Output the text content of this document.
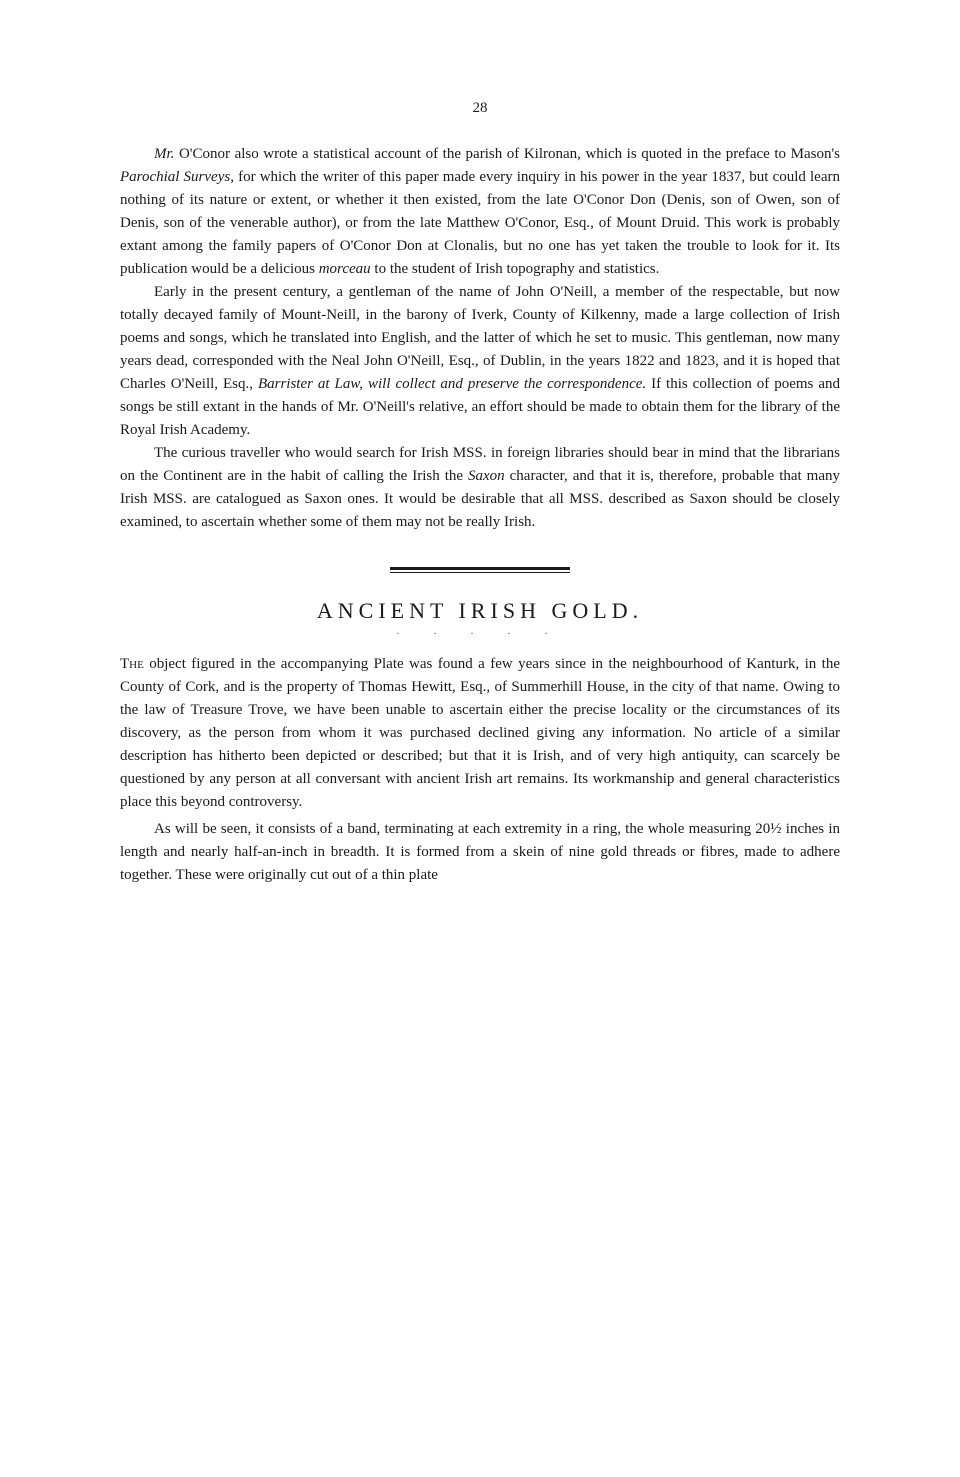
28

Mr. O'Conor also wrote a statistical account of the parish of Kilronan, which is quoted in the preface to Mason's Parochial Surveys, for which the writer of this paper made every inquiry in his power in the year 1837, but could learn nothing of its nature or extent, or whether it then existed, from the late O'Conor Don (Denis, son of Owen, son of Denis, son of the venerable author), or from the late Matthew O'Conor, Esq., of Mount Druid. This work is probably extant among the family papers of O'Conor Don at Clonalis, but no one has yet taken the trouble to look for it. Its publication would be a delicious morceau to the student of Irish topography and statistics.

Early in the present century, a gentleman of the name of John O'Neill, a member of the respectable, but now totally decayed family of Mount-Neill, in the barony of Iverk, County of Kilkenny, made a large collection of Irish poems and songs, which he translated into English, and the latter of which he set to music. This gentleman, now many years dead, corresponded with the Neal John O'Neill, Esq., of Dublin, in the years 1822 and 1823, and it is hoped that Charles O'Neill, Esq., Barrister at Law, will collect and preserve the correspondence. If this collection of poems and songs be still extant in the hands of Mr. O'Neill's relative, an effort should be made to obtain them for the library of the Royal Irish Academy.

The curious traveller who would search for Irish MSS. in foreign libraries should bear in mind that the librarians on the Continent are in the habit of calling the Irish the Saxon character, and that it is, therefore, probable that many Irish MSS. are catalogued as Saxon ones. It would be desirable that all MSS. described as Saxon should be closely examined, to ascertain whether some of them may not be really Irish.

ANCIENT IRISH GOLD.
. . . . .

The object figured in the accompanying Plate was found a few years since in the neighbourhood of Kanturk, in the County of Cork, and is the property of Thomas Hewitt, Esq., of Summerhill House, in the city of that name. Owing to the law of Treasure Trove, we have been unable to ascertain either the precise locality or the circumstances of its discovery, as the person from whom it was purchased declined giving any information. No article of a similar description has hitherto been depicted or described; but that it is Irish, and of very high antiquity, can scarcely be questioned by any person at all conversant with ancient Irish art remains. Its workmanship and general characteristics place this beyond controversy.

As will be seen, it consists of a band, terminating at each extremity in a ring, the whole measuring 20½ inches in length and nearly half-an-inch in breadth. It is formed from a skein of nine gold threads or fibres, made to adhere together. These were originally cut out of a thin plate
